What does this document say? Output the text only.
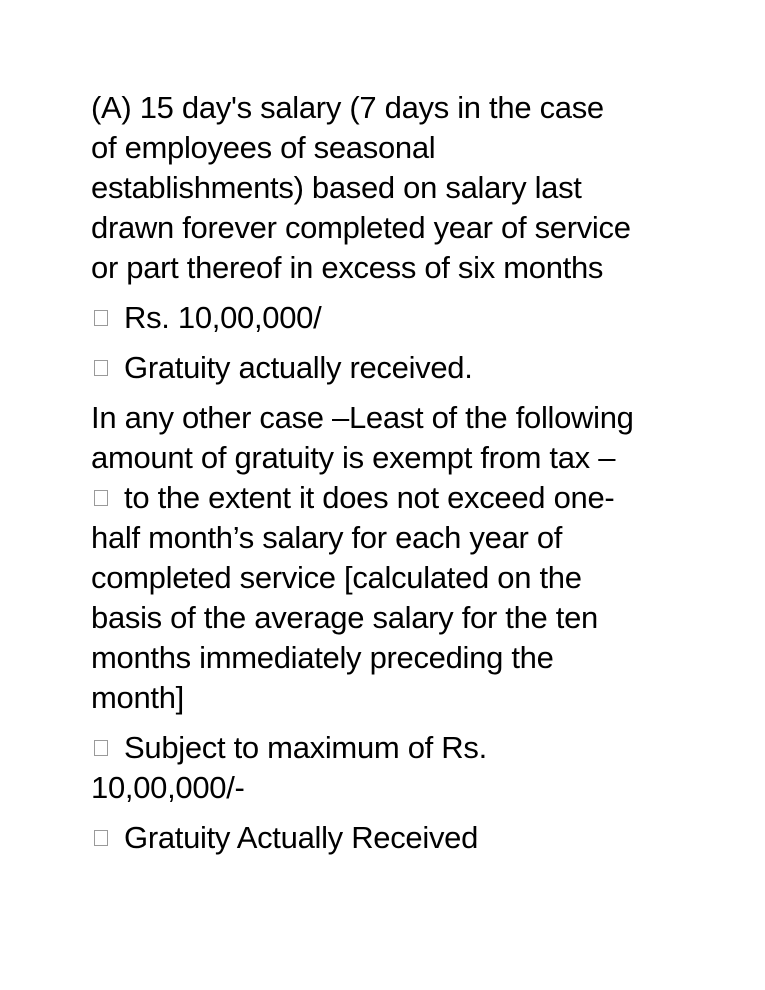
(A) 15 day's salary (7 days in the case
of employees of seasonal
establishments) based on salary last
drawn forever completed year of service
or part thereof in excess of six months
Rs. 10,00,000/
Gratuity actually received.
In any other case –Least of the following
amount of gratuity is exempt from tax –
to the extent it does not exceed one-
half month’s salary for each year of
completed service [calculated on the
basis of the average salary for the ten
months immediately preceding the
month]
Subject to maximum of Rs.
10,00,000/-
Gratuity Actually Received
